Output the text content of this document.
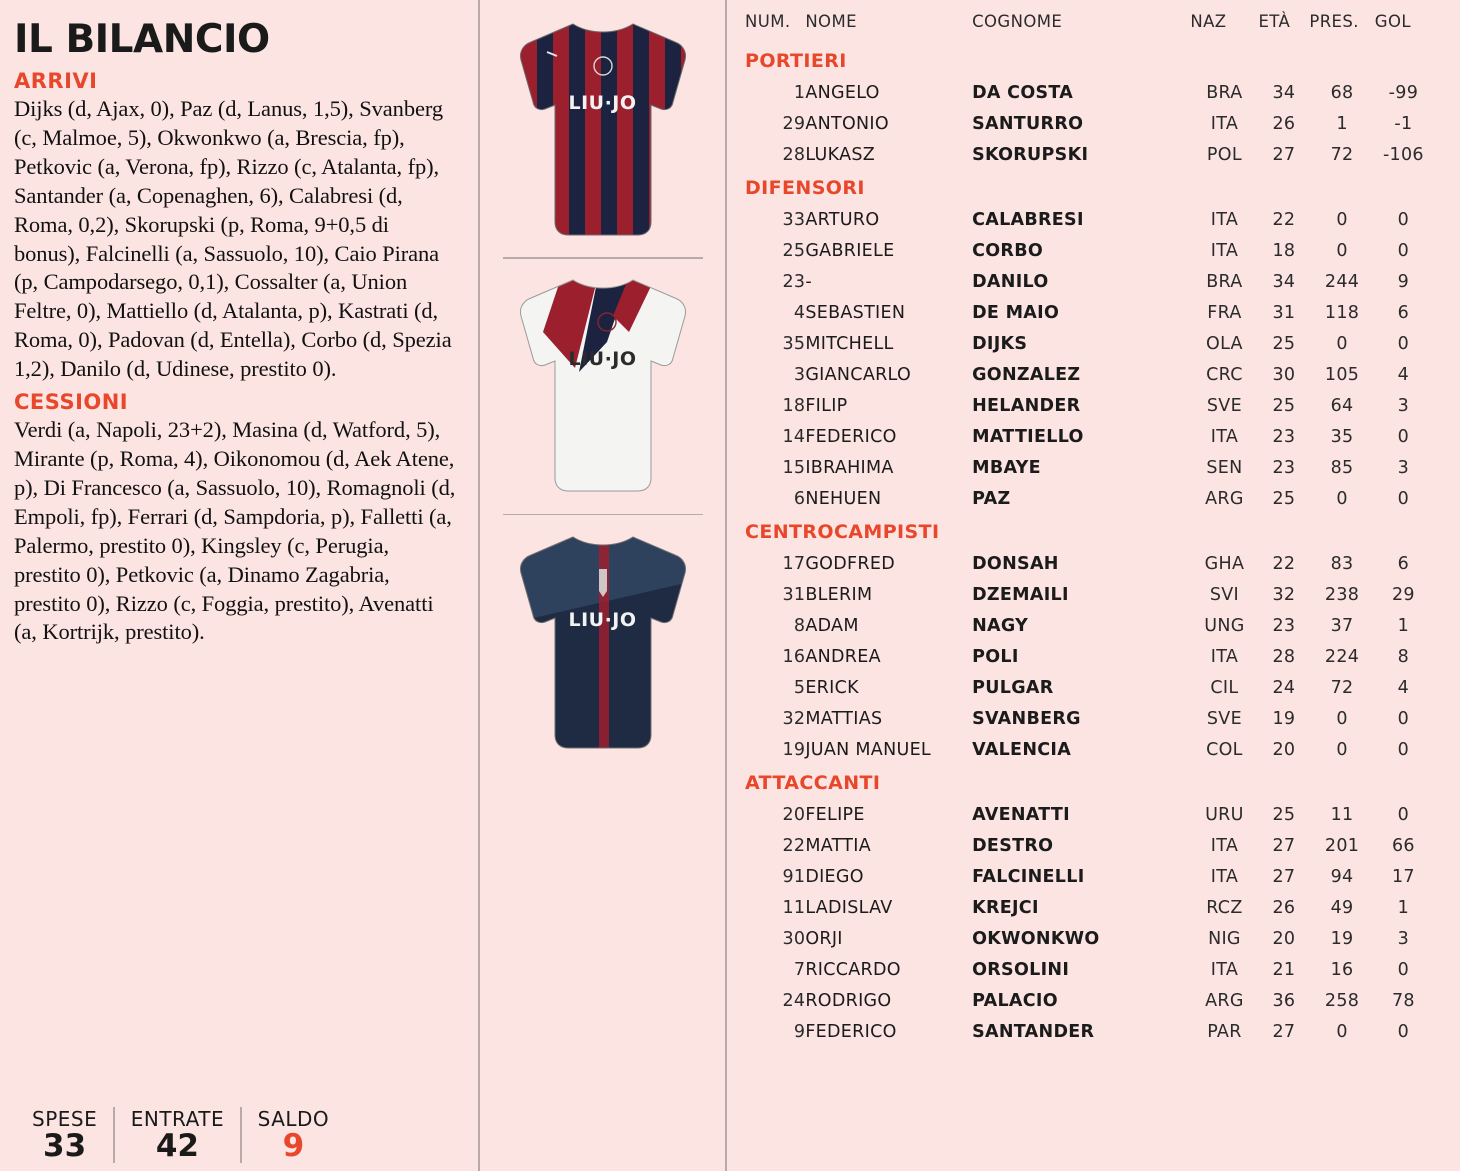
IL BILANCIO
ARRIVI
Dijks (d, Ajax, 0), Paz (d, Lanus, 1,5), Svanberg (c, Malmoe, 5), Okwonkwo (a, Brescia, fp), Petkovic (a, Verona, fp), Rizzo (c, Atalanta, fp), Santander (a, Copenaghen, 6), Calabresi (d, Roma, 0,2), Skorupski (p, Roma, 9+0,5 di bonus), Falcinelli (a, Sassuolo, 10), Caio Pirana (p, Campodarsego, 0,1), Cossalter (a, Union Feltre, 0), Mattiello (d, Atalanta, p), Kastrati (d, Roma, 0), Padovan (d, Entella), Corbo (d, Spezia 1,2), Danilo (d, Udinese, prestito 0).
CESSIONI
Verdi (a, Napoli, 23+2), Masina (d, Watford, 5), Mirante (p, Roma, 4), Oikonomou (d, Aek Atene, p), Di Francesco (a, Sassuolo, 10), Romagnoli (d, Empoli, fp), Ferrari (d, Sampdoria, p), Falletti (a, Palermo, prestito 0), Kingsley (c, Perugia, prestito 0), Petkovic (a, Dinamo Zagabria, prestito 0), Rizzo (c, Foggia, prestito), Avenatti (a, Kortrijk, prestito).
SPESE
33
ENTRATE
42
SALDO
9
LIU·JO
LIU·JO
LIU·JO
NUM.	NOME	COGNOME	NAZ	ETÀ	PRES.	GOL
PORTIERI						
1	ANGELO	DA COSTA	BRA	34	68	-99
29	ANTONIO	SANTURRO	ITA	26	1	-1
28	LUKASZ	SKORUPSKI	POL	27	72	-106
DIFENSORI						
33	ARTURO	CALABRESI	ITA	22	0	0
25	GABRIELE	CORBO	ITA	18	0	0
23	-	DANILO	BRA	34	244	9
4	SEBASTIEN	DE MAIO	FRA	31	118	6
35	MITCHELL	DIJKS	OLA	25	0	0
3	GIANCARLO	GONZALEZ	CRC	30	105	4
18	FILIP	HELANDER	SVE	25	64	3
14	FEDERICO	MATTIELLO	ITA	23	35	0
15	IBRAHIMA	MBAYE	SEN	23	85	3
6	NEHUEN	PAZ	ARG	25	0	0
CENTROCAMPISTI						
17	GODFRED	DONSAH	GHA	22	83	6
31	BLERIM	DZEMAILI	SVI	32	238	29
8	ADAM	NAGY	UNG	23	37	1
16	ANDREA	POLI	ITA	28	224	8
5	ERICK	PULGAR	CIL	24	72	4
32	MATTIAS	SVANBERG	SVE	19	0	0
19	JUAN MANUEL	VALENCIA	COL	20	0	0
ATTACCANTI						
20	FELIPE	AVENATTI	URU	25	11	0
22	MATTIA	DESTRO	ITA	27	201	66
91	DIEGO	FALCINELLI	ITA	27	94	17
11	LADISLAV	KREJCI	RCZ	26	49	1
30	ORJI	OKWONKWO	NIG	20	19	3
7	RICCARDO	ORSOLINI	ITA	21	16	0
24	RODRIGO	PALACIO	ARG	36	258	78
9	FEDERICO	SANTANDER	PAR	27	0	0
